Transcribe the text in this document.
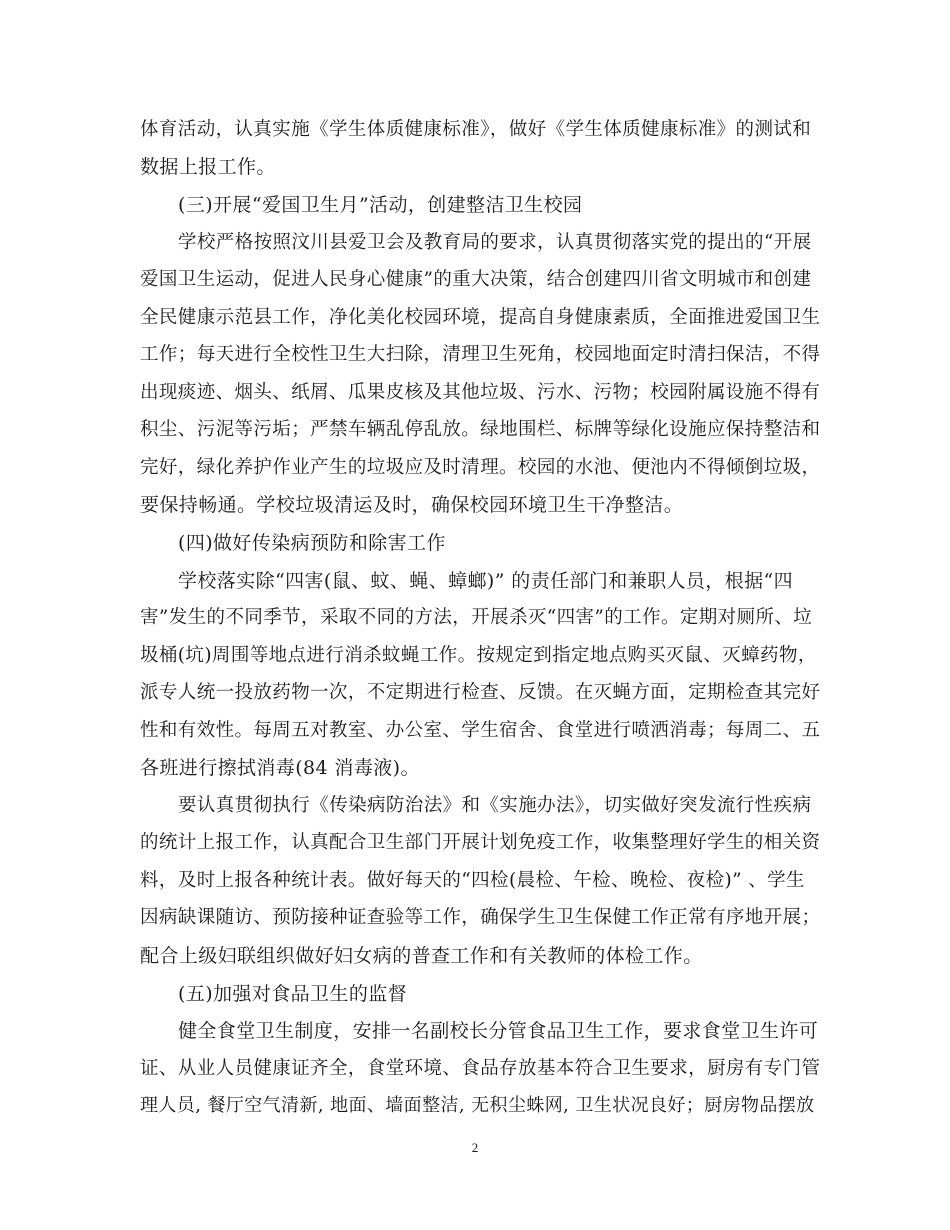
体育活动，认真实施《学生体质健康标准》，做好《学生体质健康标准》的测试和
数据上报工作。
(三)开展“爱国卫生月”活动，创建整洁卫生校园
学校严格按照汶川县爱卫会及教育局的要求，认真贯彻落实党的提出的“开展
爱国卫生运动，促进人民身心健康”的重大决策，结合创建四川省文明城市和创建
全民健康示范县工作，净化美化校园环境，提高自身健康素质，全面推进爱国卫生
工作；每天进行全校性卫生大扫除，清理卫生死角，校园地面定时清扫保洁，不得
出现痰迹、烟头、纸屑、瓜果皮核及其他垃圾、污水、污物；校园附属设施不得有
积尘、污泥等污垢；严禁车辆乱停乱放。绿地围栏、标牌等绿化设施应保持整洁和
完好，绿化养护作业产生的垃圾应及时清理。校园的水池、便池内不得倾倒垃圾，
要保持畅通。学校垃圾清运及时，确保校园环境卫生干净整洁。
(四)做好传染病预防和除害工作
学校落实除“四害(鼠、蚊、蝇、蟑螂)” 的责任部门和兼职人员，根据“四
害”发生的不同季节，采取不同的方法，开展杀灭“四害”的工作。定期对厕所、垃
圾桶(坑)周围等地点进行消杀蚊蝇工作。按规定到指定地点购买灭鼠、灭蟑药物，
派专人统一投放药物一次，不定期进行检查、反馈。在灭蝇方面，定期检查其完好
性和有效性。每周五对教室、办公室、学生宿舍、食堂进行喷洒消毒；每周二、五
各班进行擦拭消毒(84 消毒液)。
要认真贯彻执行《传染病防治法》和《实施办法》，切实做好突发流行性疾病
的统计上报工作，认真配合卫生部门开展计划免疫工作，收集整理好学生的相关资
料，及时上报各种统计表。做好每天的“四检(晨检、午检、晚检、夜检)” 、学生
因病缺课随访、预防接种证查验等工作，确保学生卫生保健工作正常有序地开展；
配合上级妇联组织做好妇女病的普查工作和有关教师的体检工作。
(五)加强对食品卫生的监督
健全食堂卫生制度，安排一名副校长分管食品卫生工作，要求食堂卫生许可
证、从业人员健康证齐全，食堂环境、食品存放基本符合卫生要求，厨房有专门管
理人员, 餐厅空气清新, 地面、墙面整洁, 无积尘蛛网, 卫生状况良好；厨房物品摆放
2
